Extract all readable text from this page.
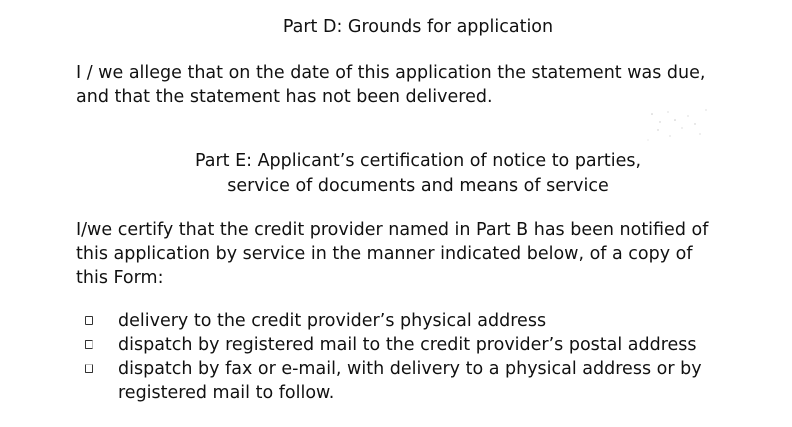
Part D: Grounds for application
I / we allege that on the date of this application the statement was due,
and that the statement has not been delivered.
Part E: Applicant’s certification of notice to parties,
service of documents and means of service
I/we certify that the credit provider named in Part B has been notified of
this application by service in the manner indicated below, of a copy of
this Form:
delivery to the credit provider’s physical address
dispatch by registered mail to the credit provider’s postal address
dispatch by fax or e-mail, with delivery to a physical address or by
registered mail to follow.
